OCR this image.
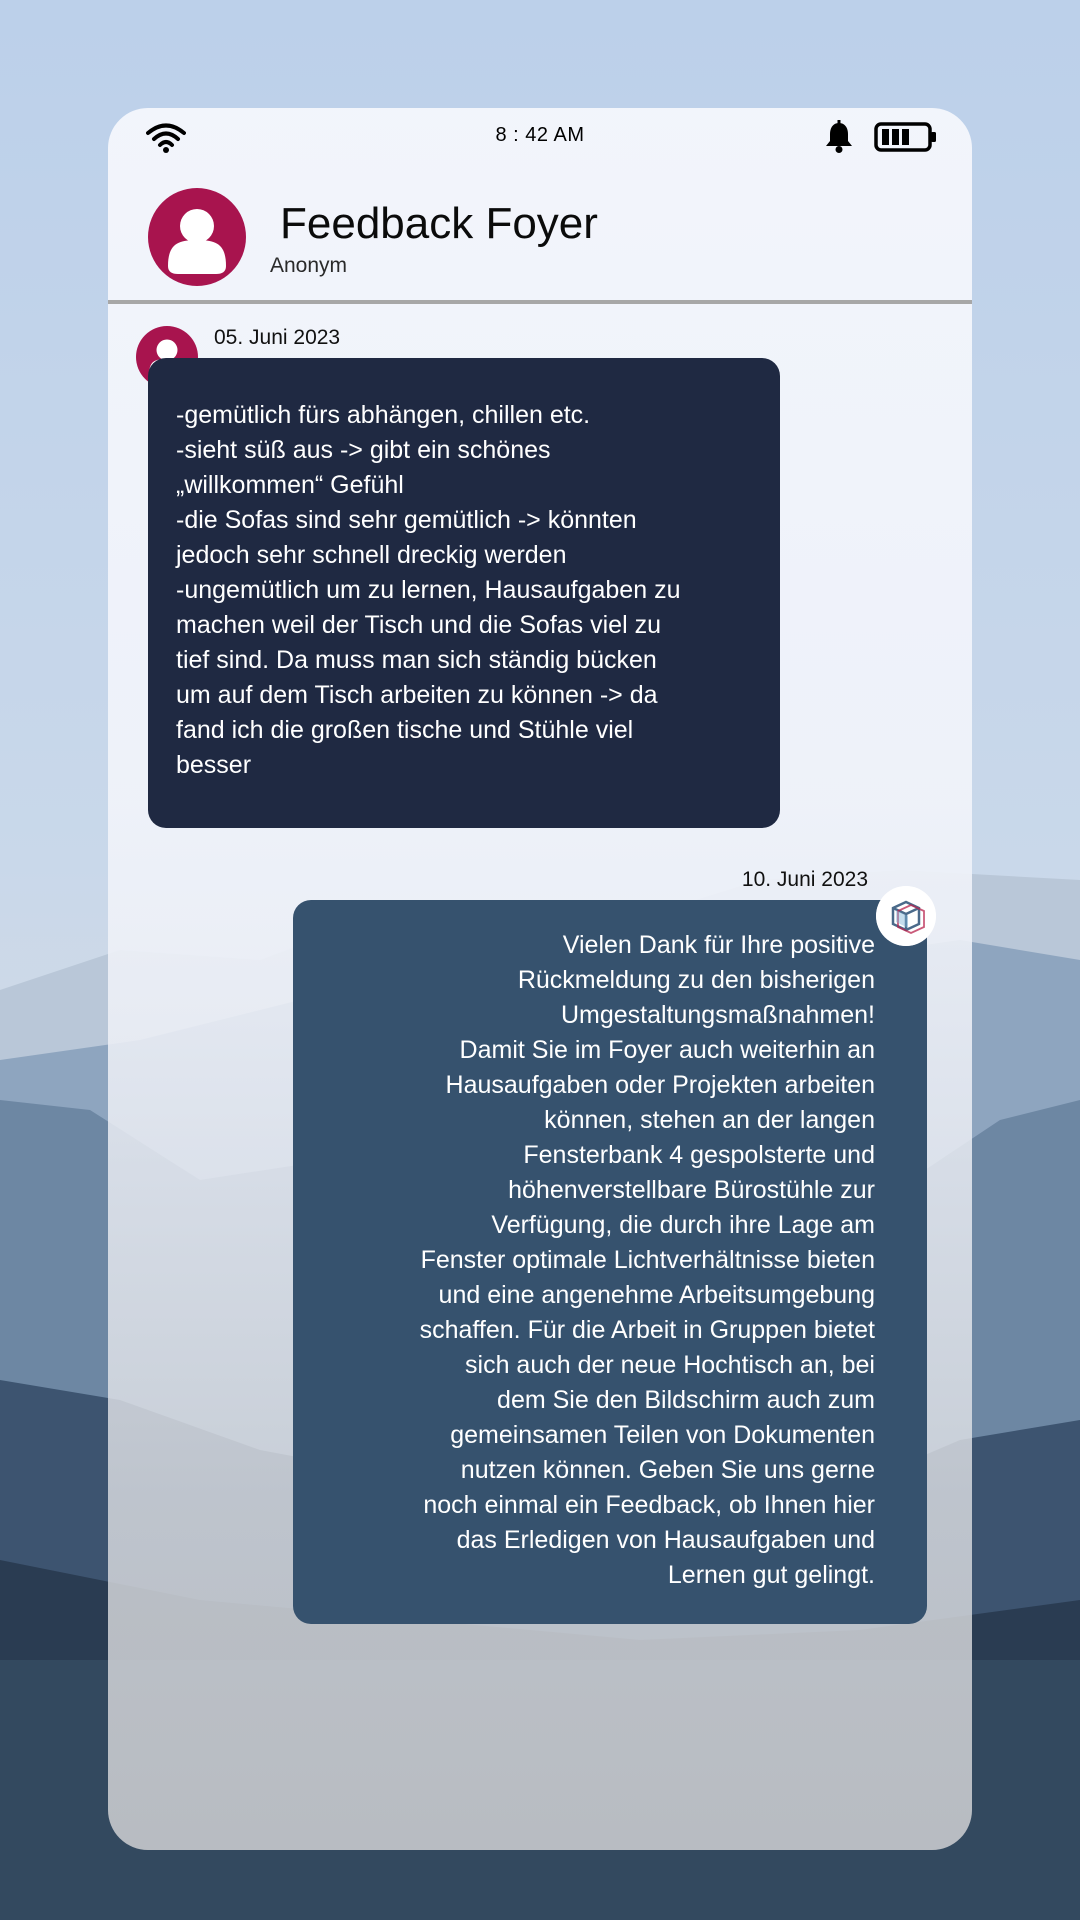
8 : 42 AM
Feedback Foyer

Anonym

05. Juni 2023
-gemütlich fürs abhängen, chillen etc.
-sieht süß aus -> gibt ein schönes
„willkommen“ Gefühl
-die Sofas sind sehr gemütlich -> könnten
jedoch sehr schnell dreckig werden
-ungemütlich um zu lernen, Hausaufgaben zu
machen weil der Tisch und die Sofas viel zu
tief sind. Da muss man sich ständig bücken
um auf dem Tisch arbeiten zu können -> da
fand ich die großen tische und Stühle viel
besser
10. Juni 2023
Vielen Dank für Ihre positive
Rückmeldung zu den bisherigen
Umgestaltungsmaßnahmen!
Damit Sie im Foyer auch weiterhin an
Hausaufgaben oder Projekten arbeiten
können, stehen an der langen
Fensterbank 4 gespolsterte und
höhenverstellbare Bürostühle zur
Verfügung, die durch ihre Lage am
Fenster optimale Lichtverhältnisse bieten
und eine angenehme Arbeitsumgebung
schaffen. Für die Arbeit in Gruppen bietet
sich auch der neue Hochtisch an, bei
dem Sie den Bildschirm auch zum
gemeinsamen Teilen von Dokumenten
nutzen können. Geben Sie uns gerne
noch einmal ein Feedback, ob Ihnen hier
das Erledigen von Hausaufgaben und
Lernen gut gelingt.
